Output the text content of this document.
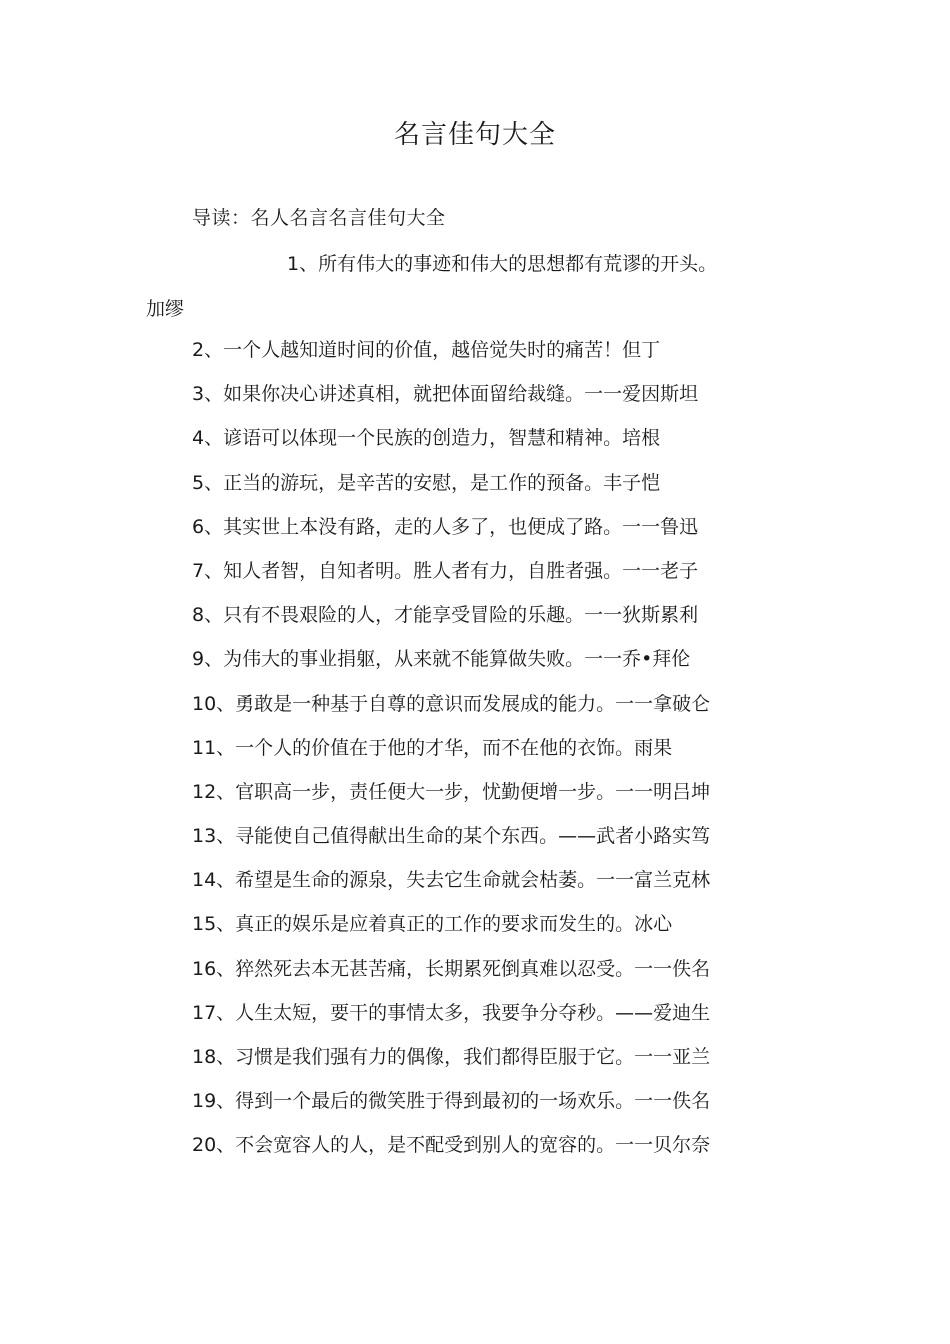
名言佳句大全
导读：名人名言名言佳句大全
1、所有伟大的事迹和伟大的思想都有荒谬的开头。
加缪
2、一个人越知道时间的价值，越倍觉失时的痛苦！但丁
3、如果你决心讲述真相，就把体面留给裁缝。一一爱因斯坦
4、谚语可以体现一个民族的创造力，智慧和精神。培根
5、正当的游玩，是辛苦的安慰，是工作的预备。丰子恺
6、其实世上本没有路，走的人多了，也便成了路。一一鲁迅
7、知人者智，自知者明。胜人者有力，自胜者强。一一老子
8、只有不畏艰险的人，才能享受冒险的乐趣。一一狄斯累利
9、为伟大的事业捐躯，从来就不能算做失败。一一乔•拜伦
10、勇敢是一种基于自尊的意识而发展成的能力。一一拿破仑
11、一个人的价值在于他的才华，而不在他的衣饰。雨果
12、官职高一步，责任便大一步，忧勤便增一步。一一明吕坤
13、寻能使自己值得献出生命的某个东西。——武者小路实笃
14、希望是生命的源泉，失去它生命就会枯萎。一一富兰克林
15、真正的娱乐是应着真正的工作的要求而发生的。冰心
16、猝然死去本无甚苦痛，长期累死倒真难以忍受。一一佚名
17、人生太短，要干的事情太多，我要争分夺秒。——爱迪生
18、习惯是我们强有力的偶像，我们都得臣服于它。一一亚兰
19、得到一个最后的微笑胜于得到最初的一场欢乐。一一佚名
20、不会宽容人的人，是不配受到别人的宽容的。一一贝尔奈
